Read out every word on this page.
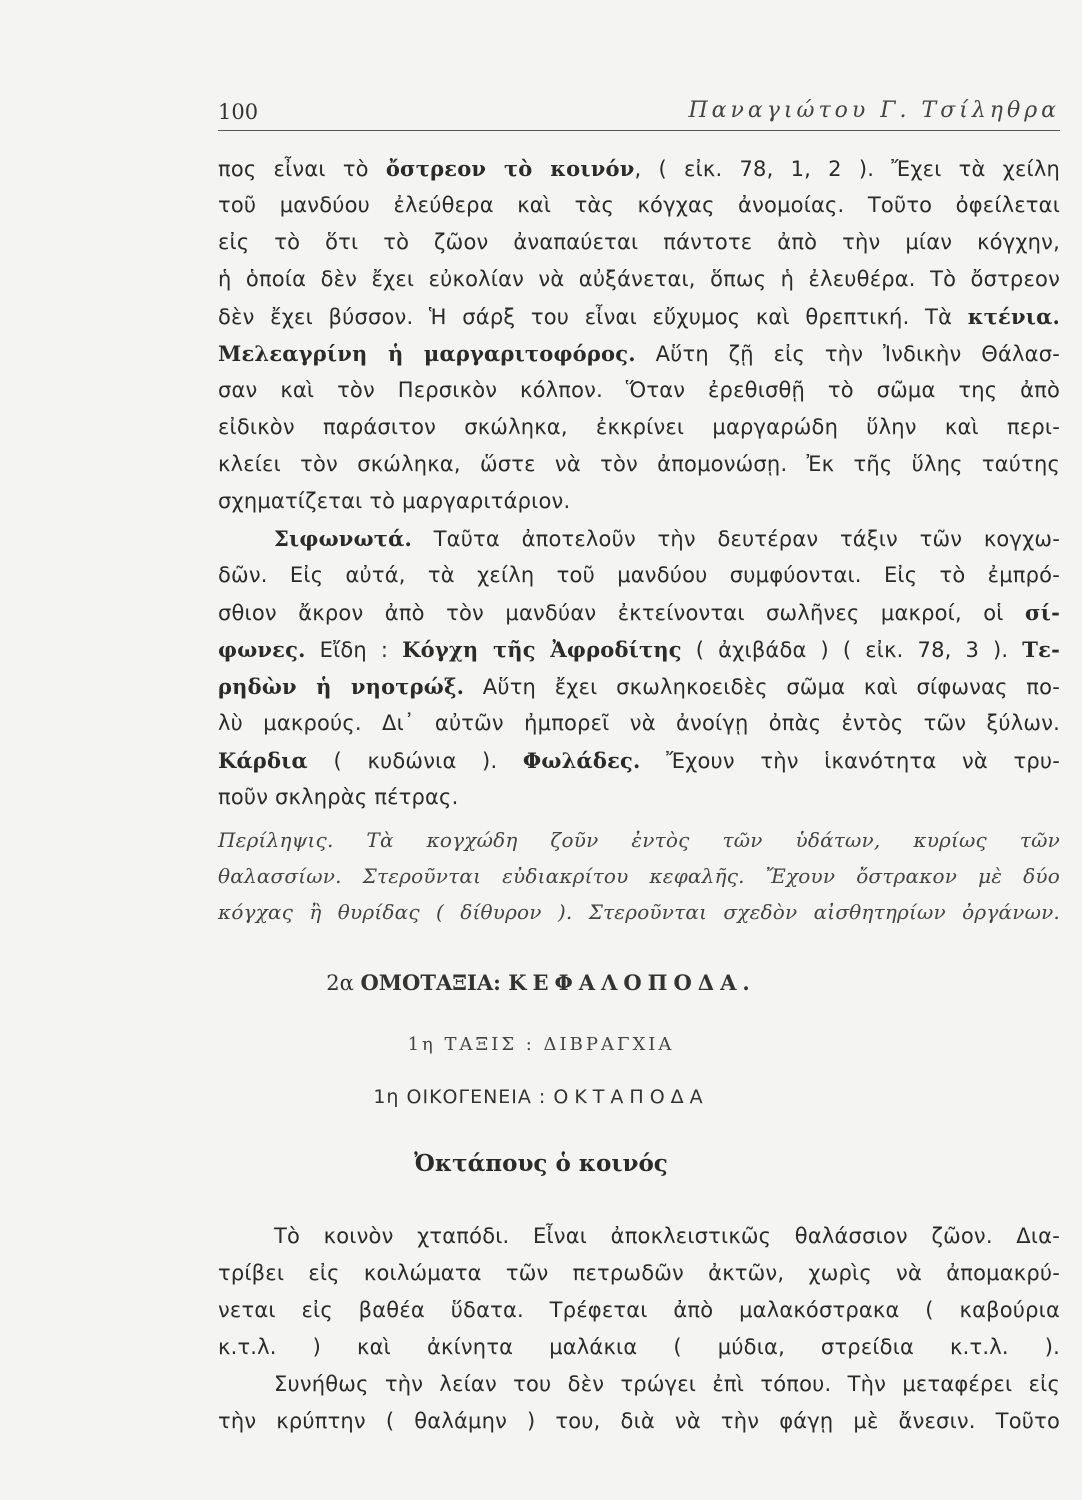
100	Παναγιώτου Γ. Τσίληθρα
πος εἶναι τὸ ὄστρεον τὸ κοινόν, ( εἰκ. 78, 1, 2 ). Ἔχει τὰ χείλη
τοῦ μανδύου ἐλεύθερα καὶ τὰς κόγχας ἀνομοίας. Τοῦτο ὀφείλεται
εἰς τὸ ὅτι τὸ ζῶον ἀναπαύεται πάντοτε ἀπὸ τὴν μίαν κόγχην,
ἡ ὁποία δὲν ἔχει εὐκολίαν νὰ αὐξάνεται, ὅπως ἡ ἐλευθέρα. Τὸ ὄστρεον
δὲν ἔχει βύσσον. Ἡ σάρξ του εἶναι εὔχυμος καὶ θρεπτική. Τὰ κτένια.
Μελεαγρίνη ἡ μαργαριτοφόρος. Αὕτη ζῇ εἰς τὴν Ἰνδικὴν Θάλασ-
σαν καὶ τὸν Περσικὸν κόλπον. Ὅταν ἐρεθισθῇ τὸ σῶμα της ἀπὸ
εἰδικὸν παράσιτον σκώληκα, ἐκκρίνει μαργαρώδη ὕλην καὶ περι-
κλείει τὸν σκώληκα, ὥστε νὰ τὸν ἀπομονώσῃ. Ἐκ τῆς ὕλης ταύτης
σχηματίζεται τὸ μαργαριτάριον.
Σιφωνωτά. Ταῦτα ἀποτελοῦν τὴν δευτέραν τάξιν τῶν κογχω-
δῶν. Εἰς αὐτά, τὰ χείλη τοῦ μανδύου συμφύονται. Εἰς τὸ ἐμπρό-
σθιον ἄκρον ἀπὸ τὸν μανδύαν ἐκτείνονται σωλῆνες μακροί, οἱ σί-
φωνες. Εἴδη : Κόγχη τῆς Ἀφροδίτης ( ἀχιβάδα ) ( εἰκ. 78, 3 ). Τε-
ρηδὼν ἡ νηοτρώξ. Αὕτη ἔχει σκωληκοειδὲς σῶμα καὶ σίφωνας πο-
λὺ μακρούς. Δι᾽ αὐτῶν ἠμπορεῖ νὰ ἀνοίγῃ ὀπὰς ἐντὸς τῶν ξύλων.
Κάρδια ( κυδώνια ). Φωλάδες. Ἔχουν τὴν ἱκανότητα νὰ τρυ-
ποῦν σκληρὰς πέτρας.
Περίληψις. Τὰ κογχώδη ζοῦν ἐντὸς τῶν ὑδάτων, κυρίως τῶν
θαλασσίων. Στεροῦνται εὐδιακρίτου κεφαλῆς. Ἔχουν ὄστρακον μὲ δύο
κόγχας ἢ θυρίδας ( δίθυρον ). Στεροῦνται σχεδὸν αἰσθητηρίων ὀργάνων.
2α ΟΜΟΤΑΞΙΑ: ΚΕΦΑΛΟΠΟΔΑ.
1η ΤΑΞΙΣ : ΔΙΒΡΑΓΧΙΑ
1η ΟΙΚΟΓΕΝΕΙΑ : ΟΚΤΑΠΟΔΑ
Ὀκτάπους ὁ κοινός
Τὸ κοινὸν χταπόδι. Εἶναι ἀποκλειστικῶς θαλάσσιον ζῶον. Δια-
τρίβει εἰς κοιλώματα τῶν πετρωδῶν ἀκτῶν, χωρὶς νὰ ἀπομακρύ-
νεται εἰς βαθέα ὕδατα. Τρέφεται ἀπὸ μαλακόστρακα ( καβούρια
κ.τ.λ. ) καὶ ἀκίνητα μαλάκια ( μύδια, στρείδια κ.τ.λ. ).
Συνήθως τὴν λείαν του δὲν τρώγει ἐπὶ τόπου. Τὴν μεταφέρει εἰς
τὴν κρύπτην ( θαλάμην ) του, διὰ νὰ τὴν φάγῃ μὲ ἄνεσιν. Τοῦτο
